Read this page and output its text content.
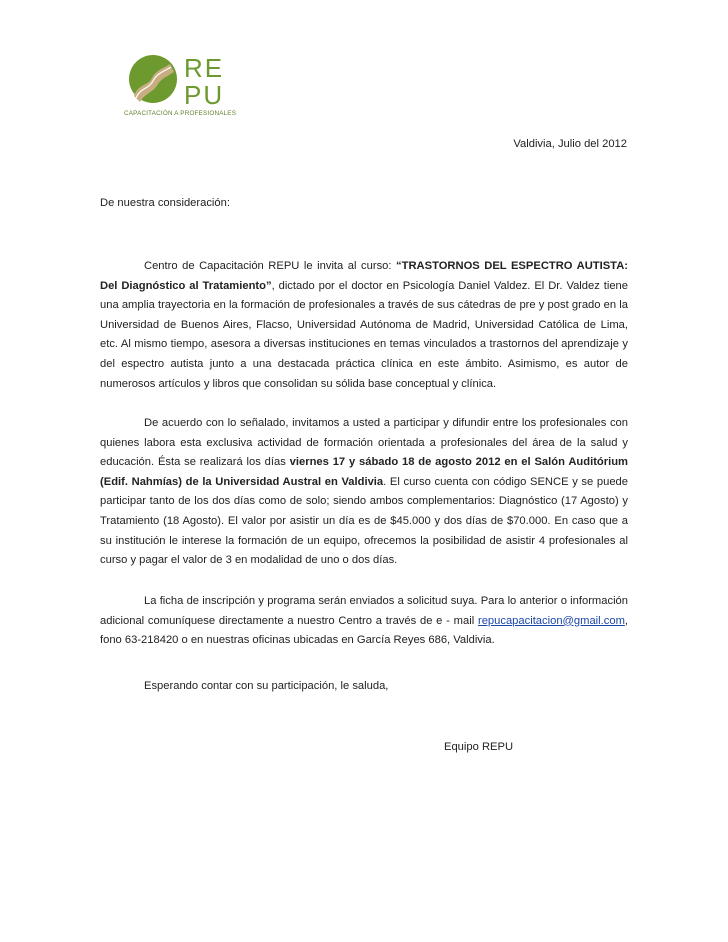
RE
PU
CAPACITACIÓN A PROFESIONALES
Valdivia, Julio del 2012
De nuestra consideración:

Centro de Capacitación REPU le invita al curso: “TRASTORNOS DEL ESPECTRO AUTISTA: Del Diagnóstico al Tratamiento”, dictado por el doctor en Psicología Daniel Valdez. El Dr. Valdez tiene una amplia trayectoria en la formación de profesionales a través de sus cátedras de pre y post grado en la Universidad de Buenos Aires, Flacso, Universidad Autónoma de Madrid, Universidad Católica de Lima, etc. Al mismo tiempo, asesora a diversas instituciones en temas vinculados a trastornos del aprendizaje y del espectro autista junto a una destacada práctica clínica en este ámbito. Asimismo, es autor de numerosos artículos y libros que consolidan su sólida base conceptual y clínica.

De acuerdo con lo señalado, invitamos a usted a participar y difundir entre los profesionales con quienes labora esta exclusiva actividad de formación orientada a profesionales del área de la salud y educación. Ésta se realizará los días viernes 17 y sábado 18 de agosto 2012 en el Salón Auditórium (Edif. Nahmías) de la Universidad Austral en Valdivia. El curso cuenta con código SENCE y se puede participar tanto de los dos días como de solo; siendo ambos complementarios: Diagnóstico (17 Agosto) y Tratamiento (18 Agosto). El valor por asistir un día es de $45.000 y dos días de $70.000. En caso que a su institución le interese la formación de un equipo, ofrecemos la posibilidad de asistir 4 profesionales al curso y pagar el valor de 3 en modalidad de uno o dos días.

La ficha de inscripción y programa serán enviados a solicitud suya. Para lo anterior o información adicional comuníquese directamente a nuestro Centro a través de e - mail repucapacitacion@gmail.com, fono 63-218420 o en nuestras oficinas ubicadas en García Reyes 686, Valdivia.

Esperando contar con su participación, le saluda,

Equipo REPU
